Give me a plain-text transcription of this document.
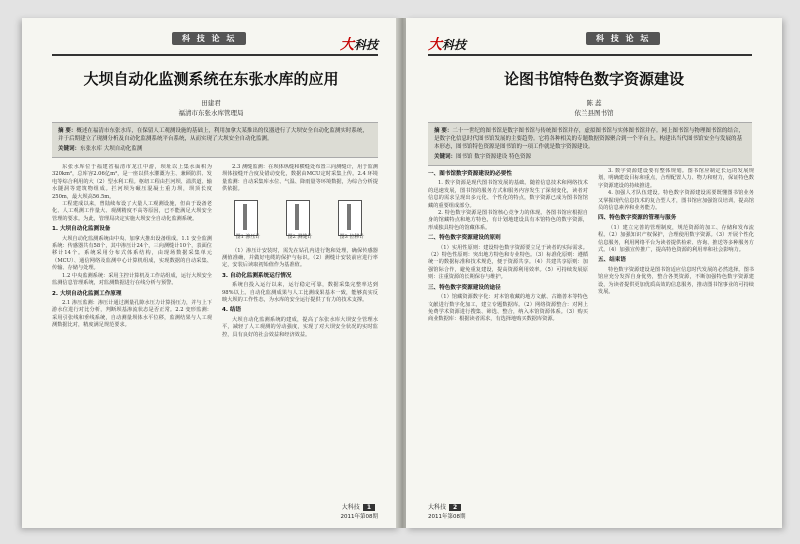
科 技 论 坛	大科技
大坝自动化监测系统在东张水库的应用
田建君
福清市东张水库管理局
摘 要：概述在福清市东张水库，在保留人工观测设施的基础上，利用加拿大某推出的仪器进行了大坝安全自动化监测实时系统，并于后期建立了现测分析及自动化监测系统平台系统，从而实现了大坝安全自动化监测。
关键词：东张水库 大坝自动化监测

东张水库位于福建省福清市龙江中游，坝址以上集水面积为320km²，总库容2.06亿m³，是一座以供水灌溉为主、兼顾防洪、发电等综合利用的大（2）型水利工程。枢纽工程由拦河坝、溢洪道、输水隧洞等建筑物组成。拦河坝为碾压混凝土重力坝，坝顶长度250m，最大坝高56.5m。

工程建成以来，曾陆续布设了大量人工观测设施，但由于设备老化、人工观测工作量大、观测精度不高等原因，已不能满足大坝安全管理的要求。为此，管理局决定实施大坝安全自动化监测系统。

1. 大坝自动化监测设备

大坝自动化监测系统由中央、加拿大推出设备组成。1.1 安全监测系统：传感器共有58个，其中渗压计24个，三向测缝计10个，表面位移计14个。系统采用分布式体系结构，由现场数据采集单元（MCU）、通信网络及监测中心计算机组成，实现数据的自动采集、传输、存储与处理。

1.2 中央监测系统：采用主控计算机及工作站组成，运行大坝安全监测信息管理系统，对监测数据进行在线分析与预警。

2. 大坝自动化监测工作原理

2.1 渗压监测：渗压计通过测量孔隙水压力计算扬压力，并与上下游水位进行对比分析，判断坝基渗流状态是否正常。2.2 变形监测：采用引张线和垂线系统，自动测量坝体水平位移，监测结果与人工观测数据比对，精度满足规范要求。

2.3 测缝监测：在坝体纵缝和横缝处布置三向测缝计，用于监测坝体接缝开合度及错动变化，数据由MCU定时采集上传。2.4 环境量监测：自动采集库水位、气温、降雨量等环境数据，为综合分析提供依据。

图1 渗压计	图2 测缝计	图3 位移计

（1）渗压计安装时，需先在钻孔内进行饱和处理，确保传感器测值准确，并做好电缆的保护与标识。（2）测缝计安装前应进行率定，安装后读取初始值作为基准值。

3. 自动化监测系统运行情况

系统自投入运行以来，运行稳定可靠，数据采集完整率达到98%以上。自动化监测成果与人工比测成果基本一致，能够真实反映大坝的工作性态，为水库的安全运行提供了有力的技术支撑。

4. 结语

大坝自动化监测系统的建成，提高了东张水库大坝安全管理水平，减轻了人工观测的劳动强度，实现了对大坝安全状况的实时监控，具有良好的社会效益和经济效益。

大科技 1
2011年第08期
科 技 论 坛
大科技
论图书馆特色数字资源建设
陈 蕊
依兰县图书馆
摘 要：二十一世纪的图书馆是数字图书馆与传统图书馆并存，虚拟图书馆与实体图书馆并存。网上图书馆与物理图书馆的结合，是数字化信息时代图书馆发展的主要趋势。它将各种相关的专题数据资源聚合到一个平台上，构建出当代图书馆安全与发展的基本形态，图书馆特色资源是图书馆的一项工作就是数字资源建设。
关键词：图书馆 数字资源建设 特色资源
一、图书馆数字资源建设的必要性

1. 数字资源是现代图书馆发展的基础。随着信息技术和网络技术的迅速发展，图书馆的服务方式和服务内容发生了深刻变化，读者对信息的需求呈现出多元化、个性化的特点，数字资源已成为图书馆馆藏的重要组成部分。

2. 特色数字资源是图书馆核心竞争力的体现。各图书馆应根据自身的馆藏特点和地方特色，有计划地建设具有本馆特色的数字资源，形成独具特色的馆藏体系。

二、特色数字资源建设的原则

（1）实用性原则：建设特色数字资源要立足于读者的实际需求。（2）特色性原则：突出地方特色和专业特色。（3）标准化原则：遵循统一的数据标准和技术规范，便于资源共享。（4）共建共享原则：加强馆际合作，避免重复建设，提高资源利用效率。（5）可持续发展原则：注重资源的长期保存与维护。

三、特色数字资源建设的途径

（1）馆藏资源数字化：对本馆收藏的地方文献、古籍善本等特色文献进行数字化加工，建立专题数据库。（2）网络资源整合：对网上免费学术资源进行搜集、筛选、整合，纳入本馆资源体系。（3）购买商业数据库：根据读者需求，有选择地购买数据库资源。

3. 数字资源建设要有整体规划。图书馆应制定长远的发展规划，明确建设目标和重点，合理配置人力、物力和财力，保证特色数字资源建设的持续推进。

4. 加强人才队伍建设。特色数字资源建设需要既懂图书馆业务又掌握现代信息技术的复合型人才，图书馆应加强馆员培训，提高馆员的信息素养和业务能力。

四、特色数字资源的管理与服务

（1）建立完善的管理制度，规范资源的加工、存储和发布流程。（2）加强知识产权保护，合理使用数字资源。（3）开展个性化信息服务，利用网络平台为读者提供检索、咨询、推送等多种服务方式。（4）加强宣传推广，提高特色资源的利用率和社会影响力。

五、结束语

特色数字资源建设是图书馆适应信息时代发展的必然选择。图书馆应充分发挥自身优势，整合各类资源，不断加强特色数字资源建设，为读者提供更加优质高效的信息服务，推动图书馆事业的可持续发展。

大科技 2
2011年第08期
